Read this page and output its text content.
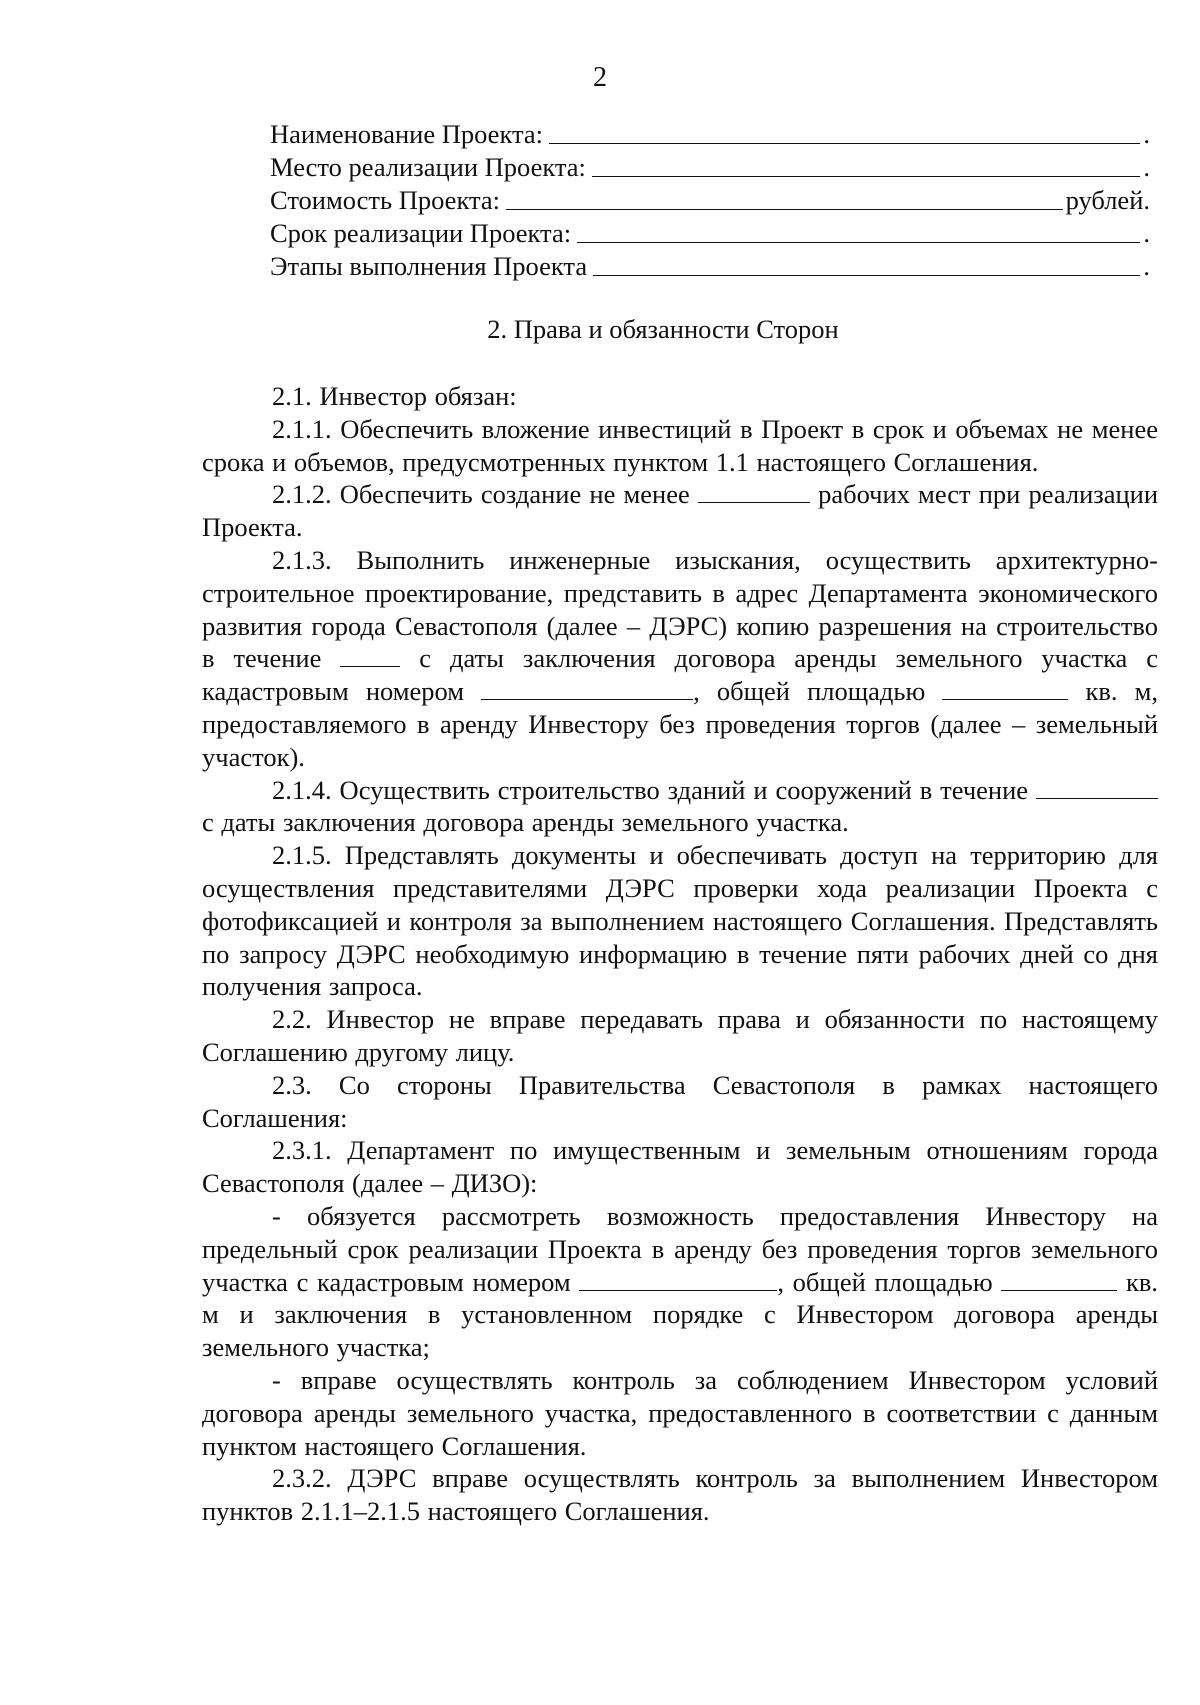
2
Наименование Проекта:	.
Место реализации Проекта:	.
Стоимость Проекта:	рублей.
Срок реализации Проекта:	.
Этапы выполнения Проекта	.
2. Права и обязанности Сторон

2.1. Инвестор обязан:

2.1.1. Обеспечить вложение инвестиций в Проект в срок и объемах не менее срока и объемов, предусмотренных пунктом 1.1 настоящего Соглашения.

2.1.2. Обеспечить создание не менее	рабочих мест при реализации Проекта.

2.1.3. Выполнить инженерные изыскания, осуществить архитектурно-строительное проектирование, представить в адрес Департамента экономического развития города Севастополя (далее – ДЭРС) копию разрешения на строительство в течение	с даты заключения договора аренды земельного участка с кадастровым номером	, общей площадью	кв. м, предоставляемого в аренду Инвестору без проведения торгов (далее – земельный участок).

2.1.4. Осуществить строительство зданий и сооружений в течение  с даты заключения договора аренды земельного участка.

2.1.5. Представлять документы и обеспечивать доступ на территорию для осуществления представителями ДЭРС проверки хода реализации Проекта с фотофиксацией и контроля за выполнением настоящего Соглашения. Представлять по запросу ДЭРС необходимую информацию в течение пяти рабочих дней со дня получения запроса.

2.2. Инвестор не вправе передавать права и обязанности по настоящему Соглашению другому лицу.

2.3. Со стороны Правительства Севастополя в рамках настоящего Соглашения:

2.3.1. Департамент по имущественным и земельным отношениям города Севастополя (далее – ДИЗО):

- обязуется рассмотреть возможность предоставления Инвестору на предельный срок реализации Проекта в аренду без проведения торгов земельного участка с кадастровым номером	, общей площадью	кв. м и заключения в установленном порядке с Инвестором договора аренды земельного участка;

- вправе осуществлять контроль за соблюдением Инвестором условий договора аренды земельного участка, предоставленного в соответствии с данным пунктом настоящего Соглашения.

2.3.2. ДЭРС вправе осуществлять контроль за выполнением Инвестором пунктов 2.1.1–2.1.5 настоящего Соглашения.
